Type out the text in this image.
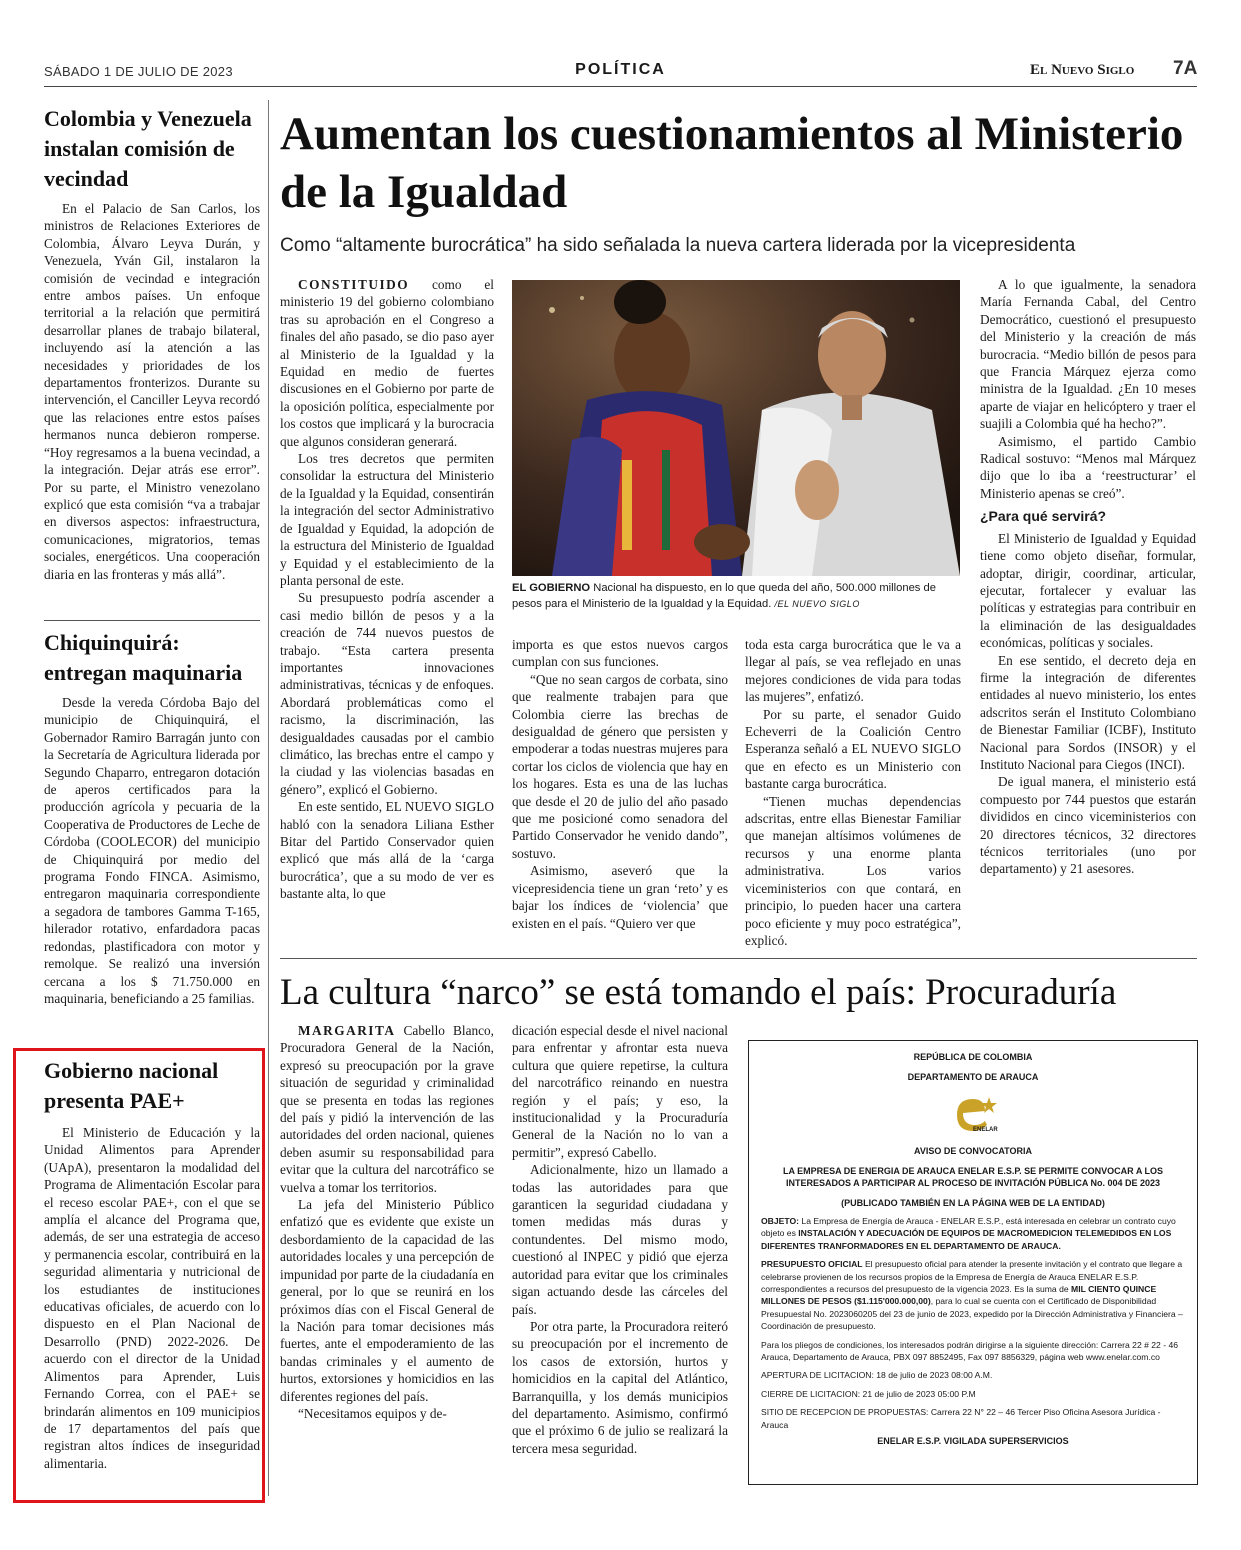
SÁBADO 1 DE JULIO DE 2023	POLÍTICA	El Nuevo Siglo 7A
Colombia y Venezuela instalan comisión de vecindad
En el Palacio de San Carlos, los ministros de Relaciones Exteriores de Colombia, Álvaro Leyva Durán, y Venezuela, Yván Gil, instalaron la comisión de vecindad e integración entre ambos países. Un enfoque territorial a la relación que permitirá desarrollar planes de trabajo bilateral, incluyendo así la atención a las necesidades y prioridades de los departamentos fronterizos. Durante su intervención, el Canciller Leyva recordó que las relaciones entre estos países hermanos nunca debieron romperse. “Hoy regresamos a la buena vecindad, a la integración. Dejar atrás ese error”. Por su parte, el Ministro venezolano explicó que esta comisión “va a trabajar en diversos aspectos: infraestructura, comunicaciones, migratorios, temas sociales, energéticos. Una cooperación diaria en las fronteras y más allá”.
Chiquinquirá: entregan maquinaria
Desde la vereda Córdoba Bajo del municipio de Chiquinquirá, el Gobernador Ramiro Barragán junto con la Secretaría de Agricultura liderada por Segundo Chaparro, entregaron dotación de aperos certificados para la producción agrícola y pecuaria de la Cooperativa de Productores de Leche de Córdoba (COOLECOR) del municipio de Chiquinquirá por medio del programa Fondo FINCA. Asimismo, entregaron maquinaria correspondiente a segadora de tambores Gamma T-165, hilerador rotativo, enfardadora pacas redondas, plastificadora con motor y remolque. Se realizó una inversión cercana a los $ 71.750.000 en maquinaria, beneficiando a 25 familias.
Gobierno nacional presenta PAE+
El Ministerio de Educación y la Unidad Alimentos para Aprender (UApA), presentaron la modalidad del Programa de Alimentación Escolar para el receso escolar PAE+, con el que se amplía el alcance del Programa que, además, de ser una estrategia de acceso y permanencia escolar, contribuirá en la seguridad alimentaria y nutricional de los estudiantes de instituciones educativas oficiales, de acuerdo con lo dispuesto en el Plan Nacional de Desarrollo (PND) 2022-2026. De acuerdo con el director de la Unidad Alimentos para Aprender, Luis Fernando Correa, con el PAE+ se brindarán alimentos en 109 municipios de 17 departamentos del país que registran altos índices de inseguridad alimentaria.
Aumentan los cuestionamientos al Ministerio de la Igualdad
Como “altamente burocrática” ha sido señalada la nueva cartera liderada por la vicepresidenta

CONSTITUIDO como el ministerio 19 del gobierno colombiano tras su aprobación en el Congreso a finales del año pasado, se dio paso ayer al Ministerio de la Igualdad y la Equidad en medio de fuertes discusiones en el Gobierno por parte de la oposición política, especialmente por los costos que implicará y la burocracia que algunos consideran generará.

Los tres decretos que permiten consolidar la estructura del Ministerio de la Igualdad y la Equidad, consentirán la integración del sector Administrativo de Igualdad y Equidad, la adopción de la estructura del Ministerio de Igualdad y Equidad y el establecimiento de la planta personal de este.

Su presupuesto podría ascender a casi medio billón de pesos y a la creación de 744 nuevos puestos de trabajo. “Esta cartera presenta importantes innovaciones administrativas, técnicas y de enfoques. Abordará problemáticas como el racismo, la discriminación, las desigualdades causadas por el cambio climático, las brechas entre el campo y la ciudad y las violencias basadas en género”, explicó el Gobierno.

En este sentido, EL NUEVO SIGLO habló con la senadora Liliana Esther Bitar del Partido Conservador quien explicó que más allá de la ‘carga burocrática’, que a su modo de ver es bastante alta, lo que

EL GOBIERNO Nacional ha dispuesto, en lo que queda del año, 500.000 millones de pesos para el Ministerio de la Igualdad y la Equidad. /EL NUEVO SIGLO

importa es que estos nuevos cargos cumplan con sus funciones.

“Que no sean cargos de corbata, sino que realmente trabajen para que Colombia cierre las brechas de desigualdad de género que persisten y empoderar a todas nuestras mujeres para cortar los ciclos de violencia que hay en los hogares. Esta es una de las luchas que desde el 20 de julio del año pasado que me posicioné como senadora del Partido Conservador he venido dando”, sostuvo.

Asimismo, aseveró que la vicepresidencia tiene un gran ‘reto’ y es bajar los índices de ‘violencia’ que existen en el país. “Quiero ver que

toda esta carga burocrática que le va a llegar al país, se vea reflejado en unas mejores condiciones de vida para todas las mujeres”, enfatizó.

Por su parte, el senador Guido Echeverri de la Coalición Centro Esperanza señaló a EL NUEVO SIGLO que en efecto es un Ministerio con bastante carga burocrática.

“Tienen muchas dependencias adscritas, entre ellas Bienestar Familiar que manejan altísimos volúmenes de recursos y una enorme planta administrativa. Los varios viceministerios con que contará, en principio, lo pueden hacer una cartera poco eficiente y muy poco estratégica”, explicó.

A lo que igualmente, la senadora María Fernanda Cabal, del Centro Democrático, cuestionó el presupuesto del Ministerio y la creación de más burocracia. “Medio billón de pesos para que Francia Márquez ejerza como ministra de la Igualdad. ¿En 10 meses aparte de viajar en helicóptero y traer el suajili a Colombia qué ha hecho?”.

Asimismo, el partido Cambio Radical sostuvo: “Menos mal Márquez dijo que lo iba a ‘reestructurar’ el Ministerio apenas se creó”.

¿Para qué servirá?

El Ministerio de Igualdad y Equidad tiene como objeto diseñar, formular, adoptar, dirigir, coordinar, articular, ejecutar, fortalecer y evaluar las políticas y estrategias para contribuir en la eliminación de las desigualdades económicas, políticas y sociales.

En ese sentido, el decreto deja en firme la integración de diferentes entidades al nuevo ministerio, los entes adscritos serán el Instituto Colombiano de Bienestar Familiar (ICBF), Instituto Nacional para Sordos (INSOR) y el Instituto Nacional para Ciegos (INCI).

De igual manera, el ministerio está compuesto por 744 puestos que estarán divididos en cinco viceministerios con 20 directores técnicos, 32 directores técnicos territoriales (uno por departamento) y 21 asesores.

La cultura “narco” se está tomando el país: Procuraduría

MARGARITA Cabello Blanco, Procuradora General de la Nación, expresó su preocupación por la grave situación de seguridad y criminalidad que se presenta en todas las regiones del país y pidió la intervención de las autoridades del orden nacional, quienes deben asumir su responsabilidad para evitar que la cultura del narcotráfico se vuelva a tomar los territorios.

La jefa del Ministerio Público enfatizó que es evidente que existe un desbordamiento de la capacidad de las autoridades locales y una percepción de impunidad por parte de la ciudadanía en general, por lo que se reunirá en los próximos días con el Fiscal General de la Nación para tomar decisiones más fuertes, ante el empoderamiento de las bandas criminales y el aumento de hurtos, extorsiones y homicidios en las diferentes regiones del país.

“Necesitamos equipos y de-

dicación especial desde el nivel nacional para enfrentar y afrontar esta nueva cultura que quiere repetirse, la cultura del narcotráfico reinando en nuestra región y el país; y eso, la institucionalidad y la Procuraduría General de la Nación no lo van a permitir”, expresó Cabello.

Adicionalmente, hizo un llamado a todas las autoridades para que garanticen la seguridad ciudadana y tomen medidas más duras y contundentes. Del mismo modo, cuestionó al INPEC y pidió que ejerza autoridad para evitar que los criminales sigan actuando desde las cárceles del país.

Por otra parte, la Procuradora reiteró su preocupación por el incremento de los casos de extorsión, hurtos y homicidios en la capital del Atlántico, Barranquilla, y los demás municipios del departamento. Asimismo, confirmó que el próximo 6 de julio se realizará la tercera mesa seguridad.

REPÚBLICA DE COLOMBIA
DEPARTAMENTO DE ARAUCA
ENELAR
AVISO DE CONVOCATORIA
LA EMPRESA DE ENERGIA DE ARAUCA ENELAR E.S.P. SE PERMITE CONVOCAR A LOS INTERESADOS A PARTICIPAR AL PROCESO DE INVITACIÓN PÚBLICA No. 004 DE 2023
(PUBLICADO TAMBIÉN EN LA PÁGINA WEB DE LA ENTIDAD)
OBJETO: La Empresa de Energía de Arauca - ENELAR E.S.P., está interesada en celebrar un contrato cuyo objeto es INSTALACIÓN Y ADECUACIÓN DE EQUIPOS DE MACROMEDICION TELEMEDIDOS EN LOS DIFERENTES TRANFORMADORES EN EL DEPARTAMENTO DE ARAUCA.
PRESUPUESTO OFICIAL El presupuesto oficial para atender la presente invitación y el contrato que llegare a celebrarse provienen de los recursos propios de la Empresa de Energía de Arauca ENELAR E.S.P. correspondientes a recursos del presupuesto de la vigencia 2023. Es la suma de MIL CIENTO QUINCE MILLONES DE PESOS ($1.115'000.000,00), para lo cual se cuenta con el Certificado de Disponibilidad Presupuestal No. 2023060205 del 23 de junio de 2023, expedido por la Dirección Administrativa y Financiera – Coordinación de presupuesto.
Para los pliegos de condiciones, los interesados podrán dirigirse a la siguiente dirección: Carrera 22 # 22 - 46 Arauca, Departamento de Arauca, PBX 097 8852495, Fax 097 8856329, página web www.enelar.com.co
APERTURA DE LICITACION: 18 de julio de 2023 08:00 A.M.
CIERRE DE LICITACION: 21 de julio de 2023 05:00 P.M
SITIO DE RECEPCION DE PROPUESTAS: Carrera 22 N° 22 – 46 Tercer Piso Oficina Asesora Jurídica - Arauca
ENELAR E.S.P. VIGILADA SUPERSERVICIOS
